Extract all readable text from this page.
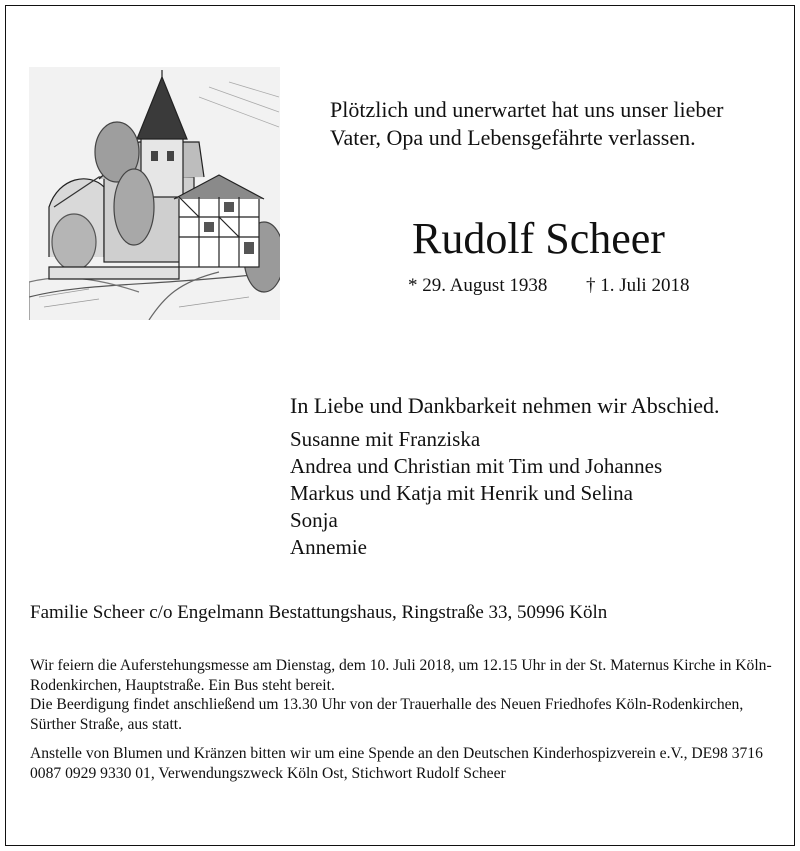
Plötzlich und unerwartet hat uns unser lieber Vater, Opa und Lebensgefährte verlassen.
Rudolf Scheer
* 29. August 1938 † 1. Juli 2018
In Liebe und Dankbarkeit nehmen wir Abschied.
Susanne mit Franziska
Andrea und Christian mit Tim und Johannes
Markus und Katja mit Henrik und Selina
Sonja
Annemie
Familie Scheer c/o Engelmann Bestattungshaus, Ringstraße 33, 50996 Köln
Wir feiern die Auferstehungsmesse am Dienstag, dem 10. Juli 2018, um 12.15 Uhr in der St. Maternus Kirche in Köln-Rodenkirchen, Hauptstraße. Ein Bus steht bereit.
Die Beerdigung findet anschließend um 13.30 Uhr von der Trauerhalle des Neuen Friedhofes Köln-Rodenkirchen, Sürther Straße, aus statt.
Anstelle von Blumen und Kränzen bitten wir um eine Spende an den Deutschen Kinderhospizverein e.V., DE98 3716 0087 0929 9330 01, Verwendungszweck Köln Ost, Stichwort Rudolf Scheer
